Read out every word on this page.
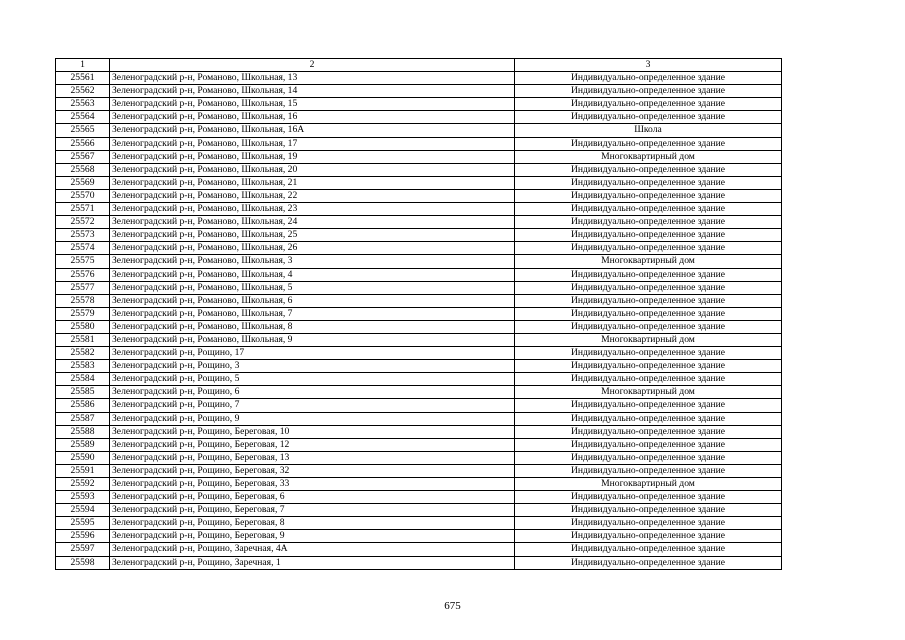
1	2	3
25561	Зеленоградский р-н, Романово, Школьная, 13	Индивидуально-определенное здание
25562	Зеленоградский р-н, Романово, Школьная, 14	Индивидуально-определенное здание
25563	Зеленоградский р-н, Романово, Школьная, 15	Индивидуально-определенное здание
25564	Зеленоградский р-н, Романово, Школьная, 16	Индивидуально-определенное здание
25565	Зеленоградский р-н, Романово, Школьная, 16А	Школа
25566	Зеленоградский р-н, Романово, Школьная, 17	Индивидуально-определенное здание
25567	Зеленоградский р-н, Романово, Школьная, 19	Многоквартирный дом
25568	Зеленоградский р-н, Романово, Школьная, 20	Индивидуально-определенное здание
25569	Зеленоградский р-н, Романово, Школьная, 21	Индивидуально-определенное здание
25570	Зеленоградский р-н, Романово, Школьная, 22	Индивидуально-определенное здание
25571	Зеленоградский р-н, Романово, Школьная, 23	Индивидуально-определенное здание
25572	Зеленоградский р-н, Романово, Школьная, 24	Индивидуально-определенное здание
25573	Зеленоградский р-н, Романово, Школьная, 25	Индивидуально-определенное здание
25574	Зеленоградский р-н, Романово, Школьная, 26	Индивидуально-определенное здание
25575	Зеленоградский р-н, Романово, Школьная, 3	Многоквартирный дом
25576	Зеленоградский р-н, Романово, Школьная, 4	Индивидуально-определенное здание
25577	Зеленоградский р-н, Романово, Школьная, 5	Индивидуально-определенное здание
25578	Зеленоградский р-н, Романово, Школьная, 6	Индивидуально-определенное здание
25579	Зеленоградский р-н, Романово, Школьная, 7	Индивидуально-определенное здание
25580	Зеленоградский р-н, Романово, Школьная, 8	Индивидуально-определенное здание
25581	Зеленоградский р-н, Романово, Школьная, 9	Многоквартирный дом
25582	Зеленоградский р-н, Рощино, 17	Индивидуально-определенное здание
25583	Зеленоградский р-н, Рощино, 3	Индивидуально-определенное здание
25584	Зеленоградский р-н, Рощино, 5	Индивидуально-определенное здание
25585	Зеленоградский р-н, Рощино, 6	Многоквартирный дом
25586	Зеленоградский р-н, Рощино, 7	Индивидуально-определенное здание
25587	Зеленоградский р-н, Рощино, 9	Индивидуально-определенное здание
25588	Зеленоградский р-н, Рощино, Береговая, 10	Индивидуально-определенное здание
25589	Зеленоградский р-н, Рощино, Береговая, 12	Индивидуально-определенное здание
25590	Зеленоградский р-н, Рощино, Береговая, 13	Индивидуально-определенное здание
25591	Зеленоградский р-н, Рощино, Береговая, 32	Индивидуально-определенное здание
25592	Зеленоградский р-н, Рощино, Береговая, 33	Многоквартирный дом
25593	Зеленоградский р-н, Рощино, Береговая, 6	Индивидуально-определенное здание
25594	Зеленоградский р-н, Рощино, Береговая, 7	Индивидуально-определенное здание
25595	Зеленоградский р-н, Рощино, Береговая, 8	Индивидуально-определенное здание
25596	Зеленоградский р-н, Рощино, Береговая, 9	Индивидуально-определенное здание
25597	Зеленоградский р-н, Рощино, Заречная, 4А	Индивидуально-определенное здание
25598	Зеленоградский р-н, Рощино, Заречная, 1	Индивидуально-определенное здание
675
